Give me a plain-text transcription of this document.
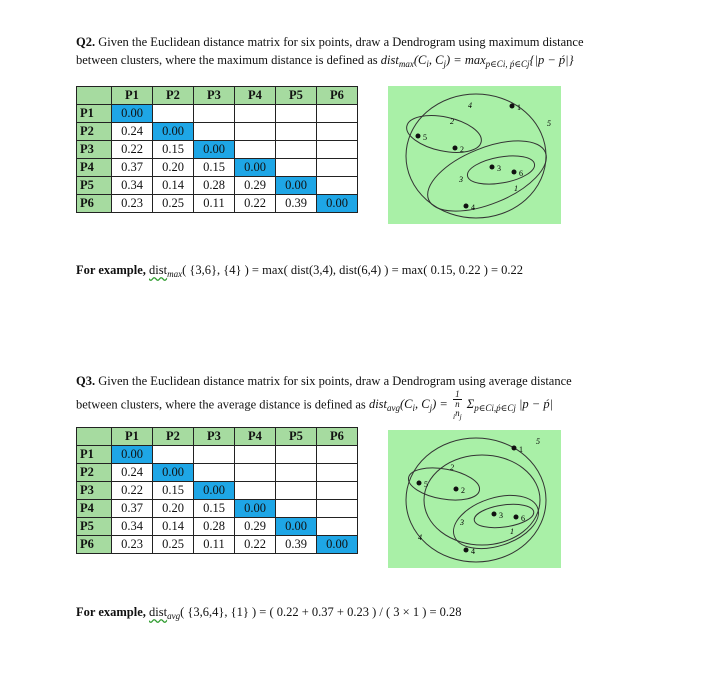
Q2. Given the Euclidean distance matrix for six points, draw a Dendrogram using maximum distance
between clusters, where the maximum distance is defined as $dist_{max}(C_i$, $C_j) = \max_{p\in Ci, ṕ\in Cj}\{|p$ − ṕ|}
	P1	P2	P3	P4	P5	P6
P1	0.00					
P2	0.24	0.00				
P3	0.22	0.15	0.00			
P4	0.37	0.20	0.15	0.00		
P5	0.34	0.14	0.28	0.29	0.00	
P6	0.23	0.25	0.11	0.22	0.39	0.00
1
2
3
4
5
6
1
2
3
4
5
For example, dist$_{max}$( {3,6}, {4} ) = max( dist(3,4), dist(6,4) ) = max( 0.15, 0.22 ) = 0.22
Q3. Given the Euclidean distance matrix for six points, draw a Dendrogram using average distance
between clusters, where the average distance is defined as $dist_{avg}(C_i$, $C_j) = 1$
n
$_in_j$ $\Sigma_{p\in Ci,ṕ\in Cj}$ |p − ṕ|
	P1	P2	P3	P4	P5	P6
P1	0.00					
P2	0.24	0.00				
P3	0.22	0.15	0.00			
P4	0.37	0.20	0.15	0.00		
P5	0.34	0.14	0.28	0.29	0.00	
P6	0.23	0.25	0.11	0.22	0.39	0.00
1
2
3
4
5
6
1
2
3
4
5
For example, dist$_{avg}$( {3,6,4}, {1} ) = ( 0.22 + 0.37 + 0.23 ) / ( 3 × 1 ) = 0.28
